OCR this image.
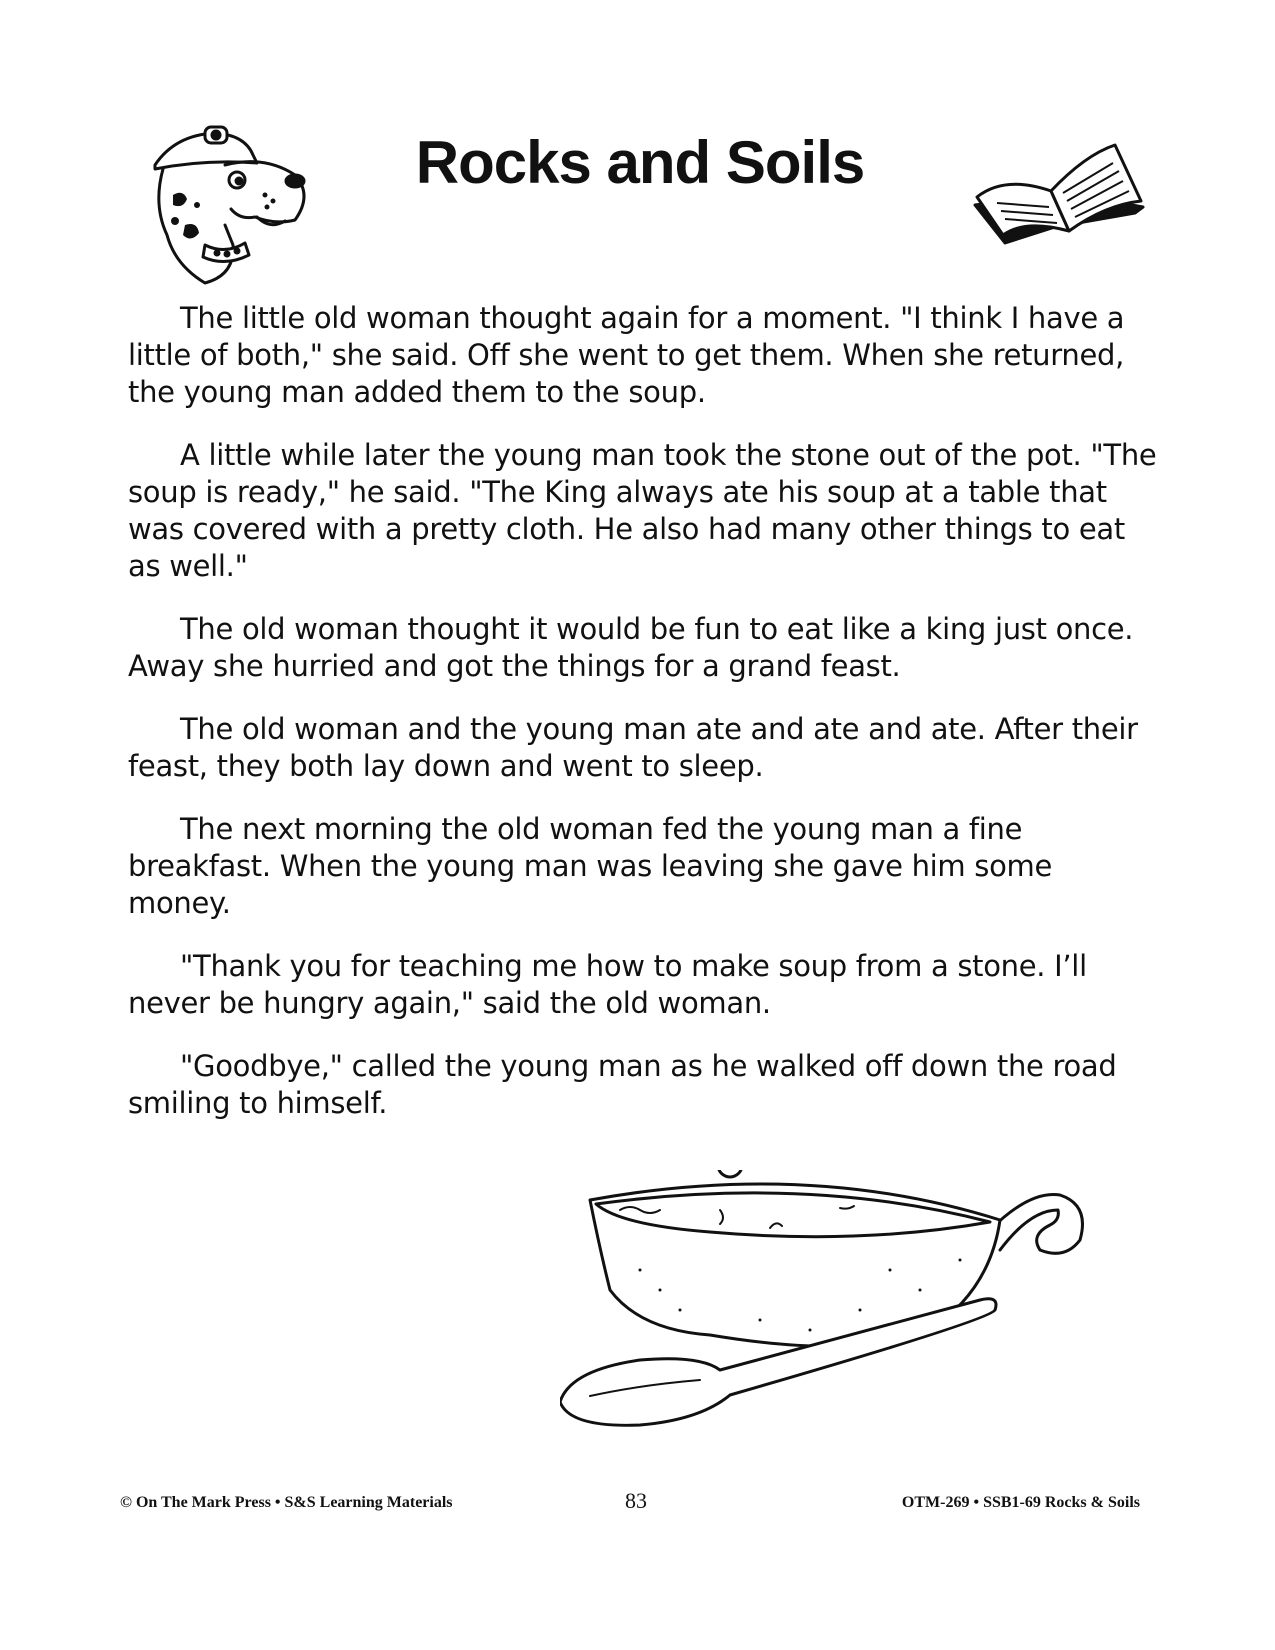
Rocks and Soils

The little old woman thought again for a moment. "I think I have a little of both," she said. Off she went to get them. When she returned, the young man added them to the soup.

A little while later the young man took the stone out of the pot. "The soup is ready," he said. "The King always ate his soup at a table that was covered with a pretty cloth. He also had many other things to eat as well."

The old woman thought it would be fun to eat like a king just once. Away she hurried and got the things for a grand feast.

The old woman and the young man ate and ate and ate. After their feast, they both lay down and went to sleep.

The next morning the old woman fed the young man a fine breakfast. When the young man was leaving she gave him some money.

"Thank you for teaching me how to make soup from a stone. I’ll never be hungry again," said the old woman.

"Goodbye," called the young man as he walked off down the road smiling to himself.

© On The Mark Press • S&S Learning Materials	83	OTM-269 • SSB1-69 Rocks & Soils
